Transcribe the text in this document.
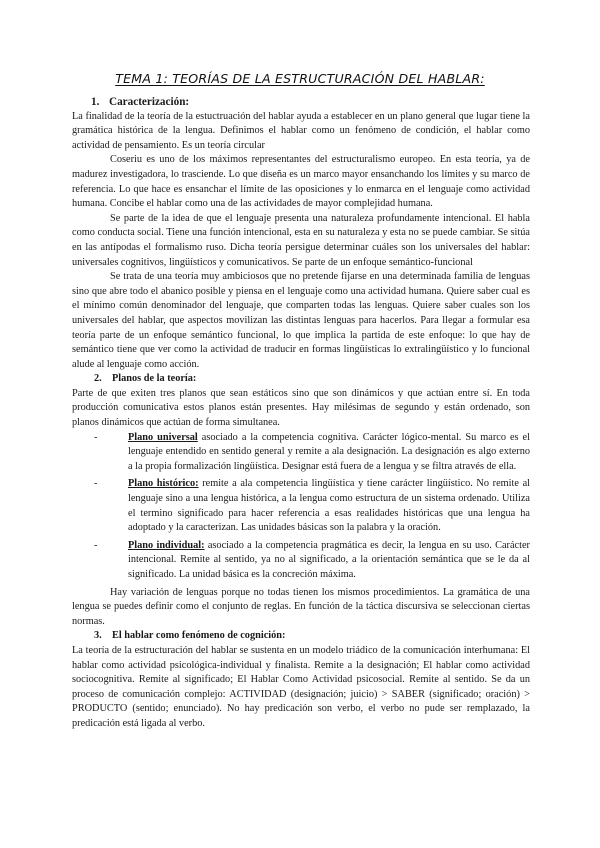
TEMA 1: TEORÍAS DE LA ESTRUCTURACIÓN DEL HABLAR:
1. Caracterización:

La finalidad de la teoría de la estuctruación del hablar ayuda a establecer en un plano general que lugar tiene la gramática histórica de la lengua. Definimos el hablar como un fenómeno de condición, el hablar como actividad de pensamiento. Es un teoría circular

Coseriu es uno de los máximos representantes del estructuralismo europeo. En esta teoría, ya de madurez investigadora, lo trasciende. Lo que diseña es un marco mayor ensanchando los límites y su marco de referencia. Lo que hace es ensanchar el límite de las oposiciones y lo enmarca en el lenguaje como actividad humana. Concibe el hablar como una de las actividades de mayor complejidad humana.

Se parte de la idea de que el lenguaje presenta una naturaleza profundamente intencional. El habla como conducta social. Tiene una función intencional, esta en su naturaleza y esta no se puede cambiar. Se sitúa en las antípodas el formalismo ruso. Dicha teoría persigue determinar cuáles son los universales del hablar: universales cognitivos, lingüísticos y comunicativos. Se parte de un enfoque semántico-funcional

Se trata de una teoría muy ambiciosos que no pretende fijarse en una determinada familia de lenguas sino que abre todo el abanico posible y piensa en el lenguaje como una actividad humana. Quiere saber cual es el mínimo común denominador del lenguaje, que comparten todas las lenguas. Quiere saber cuales son los universales del hablar, que aspectos movilizan las distintas lenguas para hacerlos. Para llegar a formular esa teoría parte de un enfoque semántico funcional, lo que implica la partida de este enfoque: lo que hay de semántico tiene que ver como la actividad de traducir en formas lingüísticas lo extralingüístico y lo funcional alude al lenguaje como acción.

2. Planos de la teoría:

Parte de que exiten tres planos que sean estáticos sino que son dinámicos y que actúan entre sí. En toda producción comunicativa estos planos están presentes. Hay milésimas de segundo y están ordenado, son planos dinámicos que actúan de forma simultanea.

-	Plano universal asociado a la competencia cognitiva. Carácter lógico-mental. Su marco es el lenguaje entendido en sentido general y remite a ala designación. La designación es algo externo a la propia formalización lingüística. Designar está fuera de a lengua y se filtra através de ella.
-	Plano histórico: remite a ala competencia lingüística y tiene carácter lingüístico. No remite al lenguaje sino a una lengua histórica, a la lengua como estructura de un sistema ordenado. Utiliza el termino significado para hacer referencia a esas realidades históricas que una lengua ha adoptado y la caracterizan. Las unidades básicas son la palabra y la oración.
-	Plano individual: asociado a la competencia pragmática es decir, la lengua en su uso. Carácter intencional. Remite al sentido, ya no al significado, a la orientación semántica que se le da al significado. La unidad básica es la concreción máxima.

Hay variación de lenguas porque no todas tienen los mismos procedimientos. La gramática de una lengua se puedes definir como el conjunto de reglas. En función de la táctica discursiva se seleccionan ciertas normas.

3. El hablar como fenómeno de cognición:

La teoría de la estructuración del hablar se sustenta en un modelo triádico de la comunicación interhumana: El hablar como actividad psicológica-individual y finalista. Remite a la designación; El hablar como actividad sociocognitiva. Remite al significado; El Hablar Como Actividad psicosocial. Remite al sentido. Se da un proceso de comunicación complejo: ACTIVIDAD (designación; juicio) > SABER (significado; oración) > PRODUCTO (sentido; enunciado). No hay predicación son verbo, el verbo no pude ser remplazado, la predicación está ligada al verbo.
